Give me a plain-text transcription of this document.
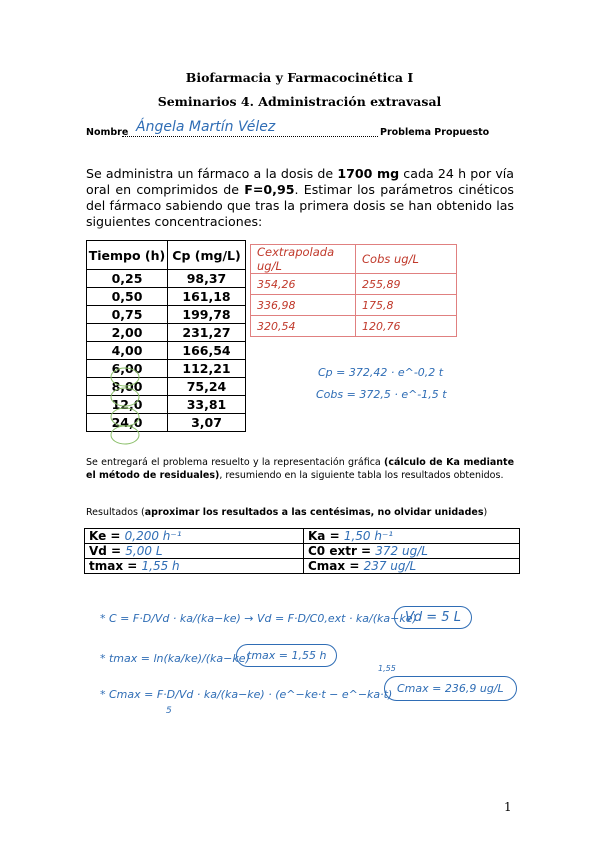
Biofarmacia y Farmacocinética I
Seminarios 4. Administración extravasal
Nombre Ángela Martín Vélez	Problema Propuesto
Se administra un fármaco a la dosis de 1700 mg cada 24 h por vía oral en comprimidos de F=0,95. Estimar los parámetros cinéticos del fármaco sabiendo que tras la primera dosis se han obtenido las siguientes concentraciones:
Tiempo (h)	Cp (mg/L)
0,25	98,37
0,50	161,18
0,75	199,78
2,00	231,27
4,00	166,54
6,00	112,21
8,00	75,24
12,0	33,81
24,0	3,07
Cextrapolada ug/L	Cobs ug/L
354,26	255,89
336,98	175,8
320,54	120,76
Cp = 372,42 · e^-0,2 t
Cobs = 372,5 · e^-1,5 t
Se entregará el problema resuelto y la representación gráfica (cálculo de Ka mediante el método de residuales), resumiendo en la siguiente tabla los resultados obtenidos.
Resultados (aproximar los resultados a las centésimas, no olvidar unidades)
Ke = 0,200 h⁻¹	Ka = 1,50 h⁻¹
Vd = 5,00 L	C0 extr = 372 ug/L
tmax = 1,55 h	Cmax = 237 ug/L
* C = F·D/Vd · ka/(ka−ke) → Vd = F·D/C0,ext · ka/(ka−ke)
Vd = 5 L
* tmax = ln(ka/ke)/(ka−ke)
tmax = 1,55 h
* Cmax = F·D/Vd · ka/(ka−ke) · (e^−ke·t − e^−ka·t)
1,55
5
Cmax = 236,9 ug/L
1
